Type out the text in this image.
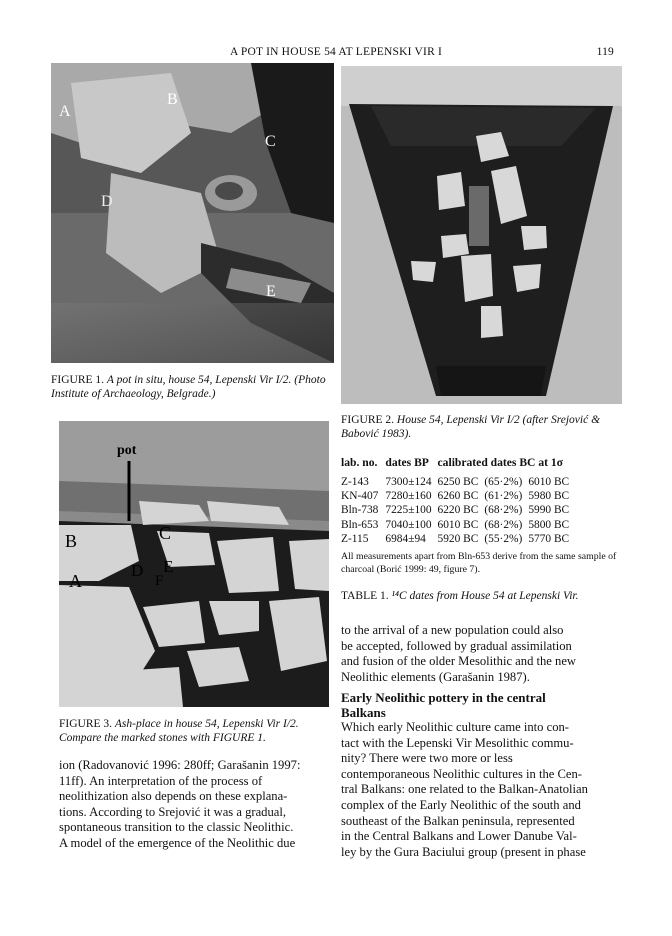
A POT IN HOUSE 54 AT LEPENSKI VIR I	119
A
B
C
D
E
FIGURE 1. A pot in situ, house 54, Lepenski Vir I/2. (Photo Institute of Archaeology, Belgrade.)
FIGURE 2. House 54, Lepenski Vir I/2 (after Srejović & Babović 1983).
pot
B
A
C
D E
F
FIGURE 3. Ash-place in house 54, Lepenski Vir I/2. Compare the marked stones with FIGURE 1.
lab. no.	dates BP	calibrated dates BC at 1σ		

Z-143	7300±124	6250 BC	(65·2%)	6010 BC
KN-407	7280±160	6260 BC	(61·2%)	5980 BC
Bln-738	7225±100	6220 BC	(68·2%)	5990 BC
Bln-653	7040±100	6010 BC	(68·2%)	5800 BC
Z-115	6984±94	5920 BC	(55·2%)	5770 BC
All measurements apart from Bln-653 derive from the same sample of charcoal (Borić 1999: 49, figure 7).
TABLE 1. ¹⁴C dates from House 54 at Lepenski Vir.

to the arrival of a new population could also

be accepted, followed by gradual assimilation

and fusion of the older Mesolithic and the new

Neolithic elements (Garašanin 1987).

Early Neolithic pottery in the central Balkans

Which early Neolithic culture came into con-

tact with the Lepenski Vir Mesolithic commu-

nity? There were two more or less

contemporaneous Neolithic cultures in the Cen-

tral Balkans: one related to the Balkan-Anatolian

complex of the Early Neolithic of the south and

southeast of the Balkan peninsula, represented

in the Central Balkans and Lower Danube Val-

ley by the Gura Baciului group (present in phase

ion (Radovanović 1996: 280ff; Garašanin 1997:

11ff). An interpretation of the process of

neolithization also depends on these explana-

tions. According to Srejović it was a gradual,

spontaneous transition to the classic Neolithic.

A model of the emergence of the Neolithic due
